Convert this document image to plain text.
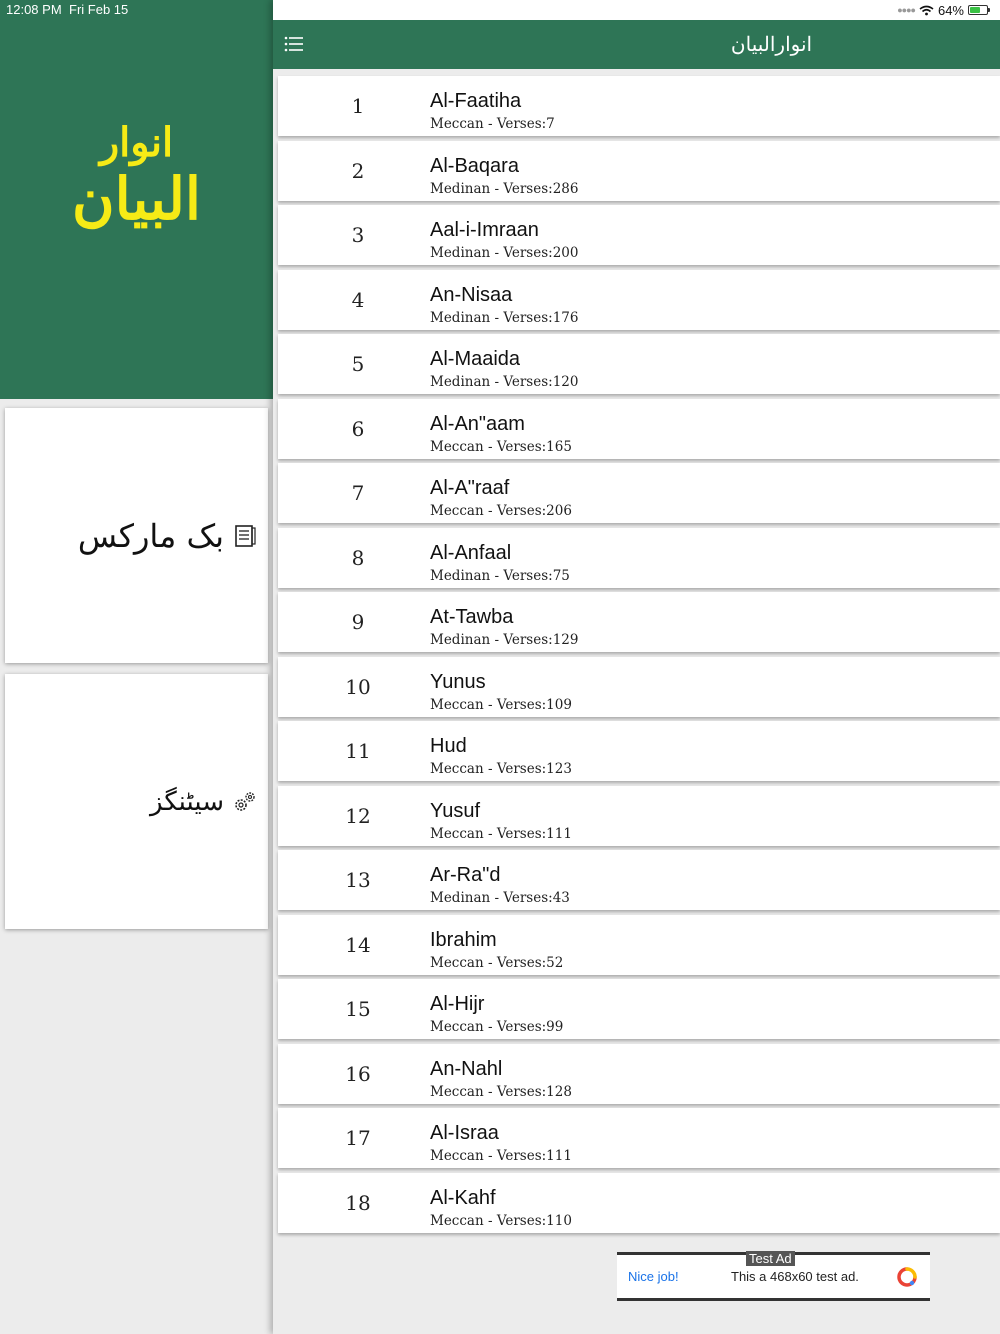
انوار
البیان
بک مارکس
سیٹنگز
12:08 PM Fri Feb 15
انوارالبیان
1	Al-Faatiha
Meccan - Verses:7
2	Al-Baqara
Medinan - Verses:286
3	Aal-i-Imraan
Medinan - Verses:200
4	An-Nisaa
Medinan - Verses:176
5	Al-Maaida
Medinan - Verses:120
6	Al-An"aam
Meccan - Verses:165
7	Al-A"raaf
Meccan - Verses:206
8	Al-Anfaal
Medinan - Verses:75
9	At-Tawba
Medinan - Verses:129
10	Yunus
Meccan - Verses:109
11	Hud
Meccan - Verses:123
12	Yusuf
Meccan - Verses:111
13	Ar-Ra"d
Medinan - Verses:43
14	Ibrahim
Meccan - Verses:52
15	Al-Hijr
Meccan - Verses:99
16	An-Nahl
Meccan - Verses:128
17	Al-Israa
Meccan - Verses:111
18	Al-Kahf
Meccan - Verses:110
Nice job!	This a 468x60 test ad.
Test Ad
●●●● 64%
